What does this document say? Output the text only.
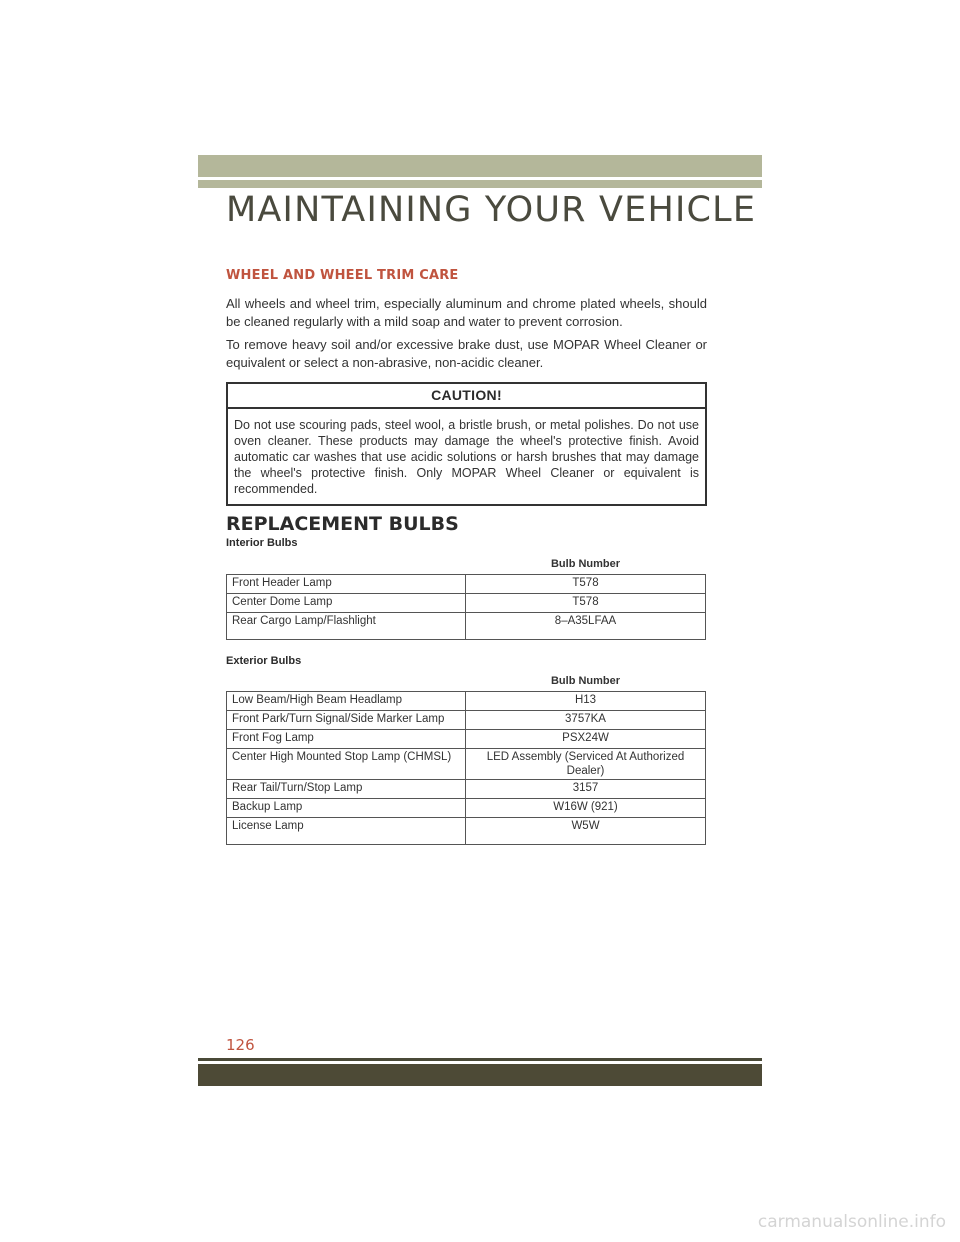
MAINTAINING YOUR VEHICLE
WHEEL AND WHEEL TRIM CARE

All wheels and wheel trim, especially aluminum and chrome plated wheels, should be cleaned regularly with a mild soap and water to prevent corrosion.

To remove heavy soil and/or excessive brake dust, use MOPAR Wheel Cleaner or equivalent or select a non-abrasive, non-acidic cleaner.

CAUTION!
Do not use scouring pads, steel wool, a bristle brush, or metal polishes. Do not use oven cleaner. These products may damage the wheel's protective finish. Avoid automatic car washes that use acidic solutions or harsh brushes that may damage the wheel's protective finish. Only MOPAR Wheel Cleaner or equivalent is recommended.
REPLACEMENT BULBS
Interior Bulbs
	Bulb Number
Front Header Lamp	T578
Center Dome Lamp	T578
Rear Cargo Lamp/Flashlight	8–A35LFAA
Exterior Bulbs
	Bulb Number
Low Beam/High Beam Headlamp	H13
Front Park/Turn Signal/Side Marker Lamp	3757KA
Front Fog Lamp	PSX24W
Center High Mounted Stop Lamp (CHMSL)	LED Assembly (Serviced At Authorized Dealer)
Rear Tail/Turn/Stop Lamp	3157
Backup Lamp	W16W (921)
License Lamp	W5W
126
carmanualsonline.info
